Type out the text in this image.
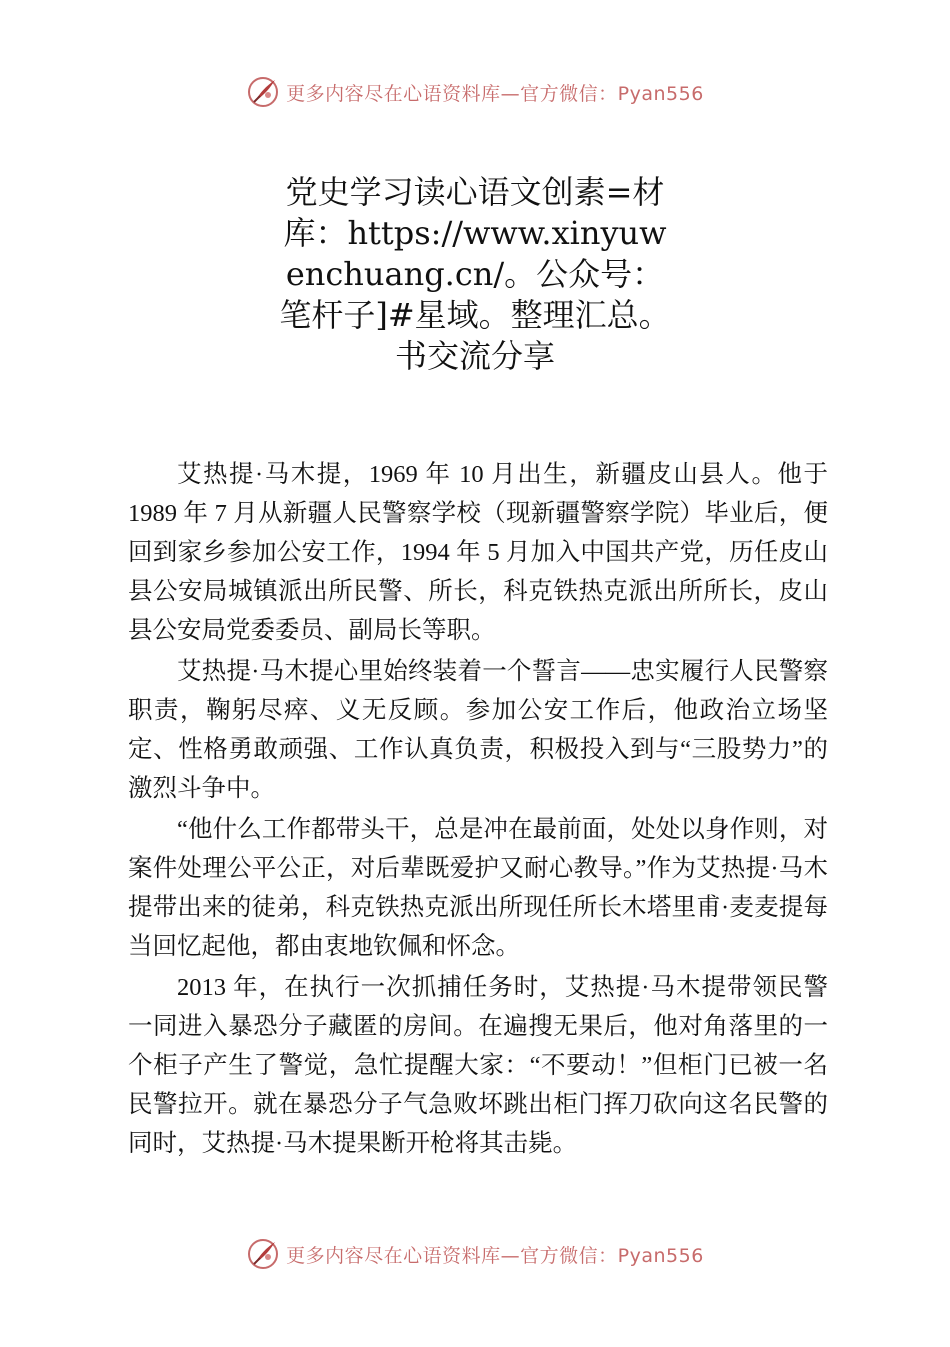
更多内容尽在心语资料库—官方微信：Pyan556
党史学习读心语文创素=材库：https://www.xinyuwenchuang.cn/。公众号：笔杆子]#星域。整理汇总。书交流分享

艾热提·马木提，1969 年 10 月出生，新疆皮山县人。他于1989 年 7 月从新疆人民警察学校（现新疆警察学院）毕业后，便回到家乡参加公安工作，1994 年 5 月加入中国共产党，历任皮山县公安局城镇派出所民警、所长，科克铁热克派出所所长，皮山县公安局党委委员、副局长等职。

艾热提·马木提心里始终装着一个誓言——忠实履行人民警察职责，鞠躬尽瘁、义无反顾。参加公安工作后，他政治立场坚定、性格勇敢顽强、工作认真负责，积极投入到与“三股势力”的激烈斗争中。

“他什么工作都带头干，总是冲在最前面，处处以身作则，对案件处理公平公正，对后辈既爱护又耐心教导。”作为艾热提·马木提带出来的徒弟，科克铁热克派出所现任所长木塔里甫·麦麦提每当回忆起他，都由衷地钦佩和怀念。

2013 年，在执行一次抓捕任务时，艾热提·马木提带领民警一同进入暴恐分子藏匿的房间。在遍搜无果后，他对角落里的一个柜子产生了警觉，急忙提醒大家：“不要动！”但柜门已被一名民警拉开。就在暴恐分子气急败坏跳出柜门挥刀砍向这名民警的同时，艾热提·马木提果断开枪将其击毙。

更多内容尽在心语资料库—官方微信：Pyan556
